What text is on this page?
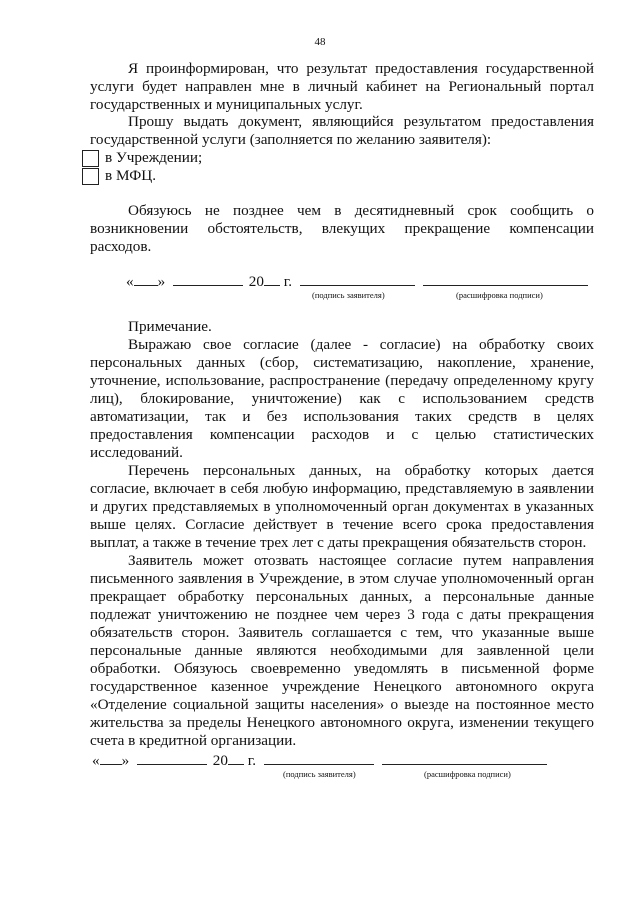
48
Я проинформирован, что результат предоставления государственной услуги будет направлен мне в личный кабинет на Региональный портал государственных и муниципальных услуг.
Прошу выдать документ, являющийся результатом предоставления государственной услуги (заполняется по желанию заявителя):
в Учреждении;
в МФЦ.
Обязуюсь не позднее чем в десятидневный срок сообщить о возникновении обстоятельств, влекущих прекращение компенсации расходов.
« »	20 г.
(подпись заявителя)	(расшифровка подписи)
Примечание.
Выражаю свое согласие (далее - согласие) на обработку своих персональных данных (сбор, систематизацию, накопление, хранение, уточнение, использование, распространение (передачу определенному кругу лиц), блокирование, уничтожение) как с использованием средств автоматизации, так и без использования таких средств в целях предоставления компенсации расходов и с целью статистических исследований.
Перечень персональных данных, на обработку которых дается согласие, включает в себя любую информацию, представляемую в заявлении и других представляемых в уполномоченный орган документах в указанных выше целях. Согласие действует в течение всего срока предоставления выплат, а также в течение трех лет с даты прекращения обязательств сторон.
Заявитель может отозвать настоящее согласие путем направления письменного заявления в Учреждение, в этом случае уполномоченный орган прекращает обработку персональных данных, а персональные данные подлежат уничтожению не позднее чем через 3 года с даты прекращения обязательств сторон. Заявитель соглашается с тем, что указанные выше персональные данные являются необходимыми для заявленной цели обработки. Обязуюсь своевременно уведомлять в письменной форме государственное казенное учреждение Ненецкого автономного округа «Отделение социальной защиты населения» о выезде на постоянное место жительства за пределы Ненецкого автономного округа, изменении текущего счета в кредитной организации.
« »	20 г.
(подпись заявителя)	(расшифровка подписи)
